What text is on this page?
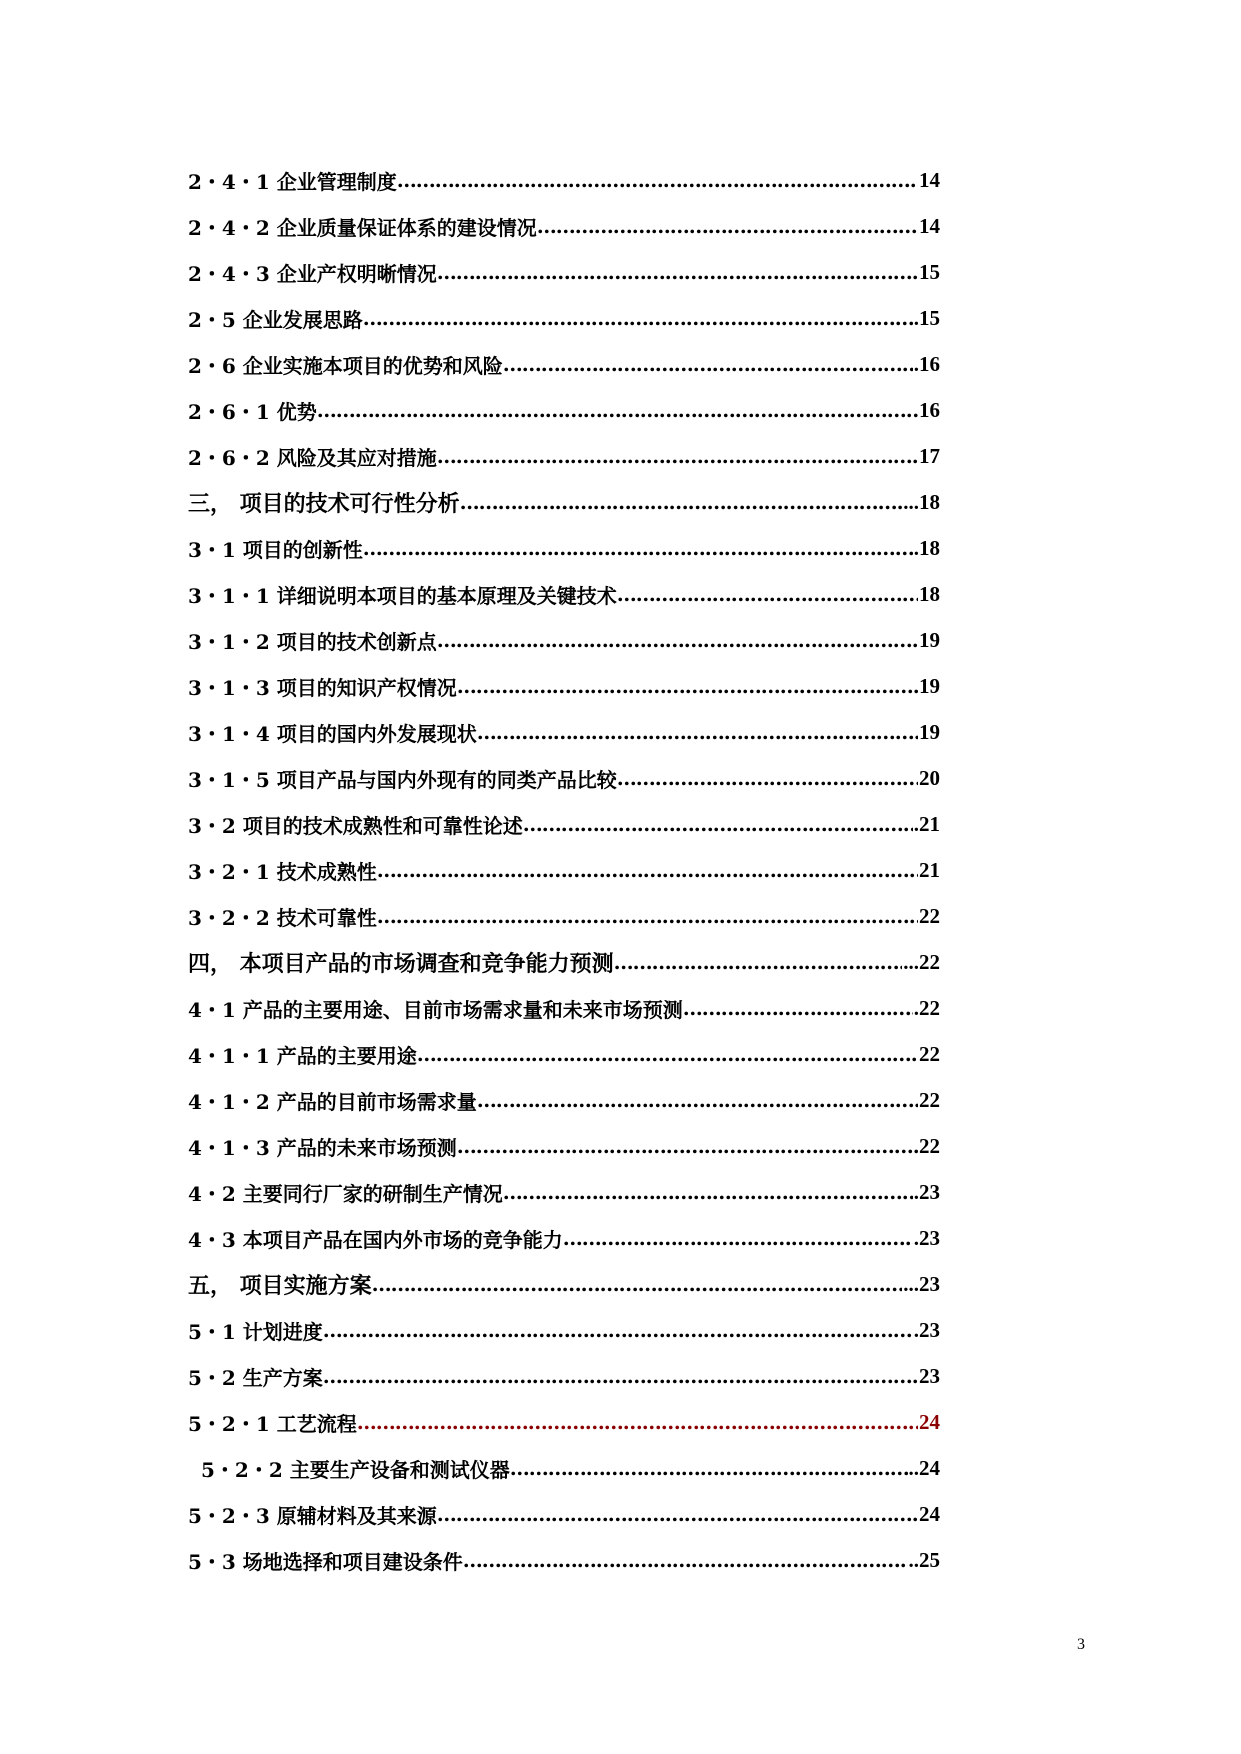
2・4・1 企业管理制度 ……………………………………………………………………………………………………………………………………………………………………	14
2・4・2 企业质量保证体系的建设情况 ……………………………………………………………………………………………………………………………………………………………………	14
2・4・3 企业产权明晰情况 ……………………………………………………………………………………………………………………………………………………………………	15
2・5 企业发展思路 ……………………………………………………………………………………………………………………………………………………………………	.15
2・6 企业实施本项目的优势和风险 ……………………………………………………………………………………………………………………………………………………………………	.16
2・6・1 优势 ……………………………………………………………………………………………………………………………………………………………………	16
2・6・2 风险及其应对措施 ……………………………………………………………………………………………………………………………………………………………………	17
三， 项目的技术可行性分析 ……………………………………………………………………………………………………………………………………………………………………	...18
3・1 项目的创新性 ……………………………………………………………………………………………………………………………………………………………………	.18
3・1・1 详细说明本项目的基本原理及关键技术 ……………………………………………………………………………………………………………………………………………………………………	18
3・1・2 项目的技术创新点 ……………………………………………………………………………………………………………………………………………………………………	19
3・1・3 项目的知识产权情况 ……………………………………………………………………………………………………………………………………………………………………	19
3・1・4 项目的国内外发展现状 ……………………………………………………………………………………………………………………………………………………………………	19
3・1・5 项目产品与国内外现有的同类产品比较 ……………………………………………………………………………………………………………………………………………………………………	20
3・2 项目的技术成熟性和可靠性论述 ……………………………………………………………………………………………………………………………………………………………………	.21
3・2・1 技术成熟性 ……………………………………………………………………………………………………………………………………………………………………	21
3・2・2 技术可靠性 ……………………………………………………………………………………………………………………………………………………………………	22
四， 本项目产品的市场调查和竞争能力预测 ……………………………………………………………………………………………………………………………………………………………………	...22
4・1 产品的主要用途、目前市场需求量和未来市场预测 ……………………………………………………………………………………………………………………………………………………………………	.22
4・1・1 产品的主要用途 ……………………………………………………………………………………………………………………………………………………………………	22
4・1・2 产品的目前市场需求量 ……………………………………………………………………………………………………………………………………………………………………	22
4・1・3 产品的未来市场预测 ……………………………………………………………………………………………………………………………………………………………………	22
4・2 主要同行厂家的研制生产情况 ……………………………………………………………………………………………………………………………………………………………………	.23
4・3 本项目产品在国内外市场的竞争能力 ……………………………………………………………………………………………………………………………………………………………………	.23
五， 项目实施方案 ……………………………………………………………………………………………………………………………………………………………………	...23
5・1 计划进度 ……………………………………………………………………………………………………………………………………………………………………	.23
5・2 生产方案 ……………………………………………………………………………………………………………………………………………………………………	23
5・2・1 工艺流程 ……………………………………………………………………………………………………………………………………………………………………	24
5・2・2 主要生产设备和测试仪器 ……………………………………………………………………………………………………………………………………………………………………	..24
5・2・3 原辅材料及其来源 ……………………………………………………………………………………………………………………………………………………………………	24
5・3 场地选择和项目建设条件 ……………………………………………………………………………………………………………………………………………………………………	..25
3
